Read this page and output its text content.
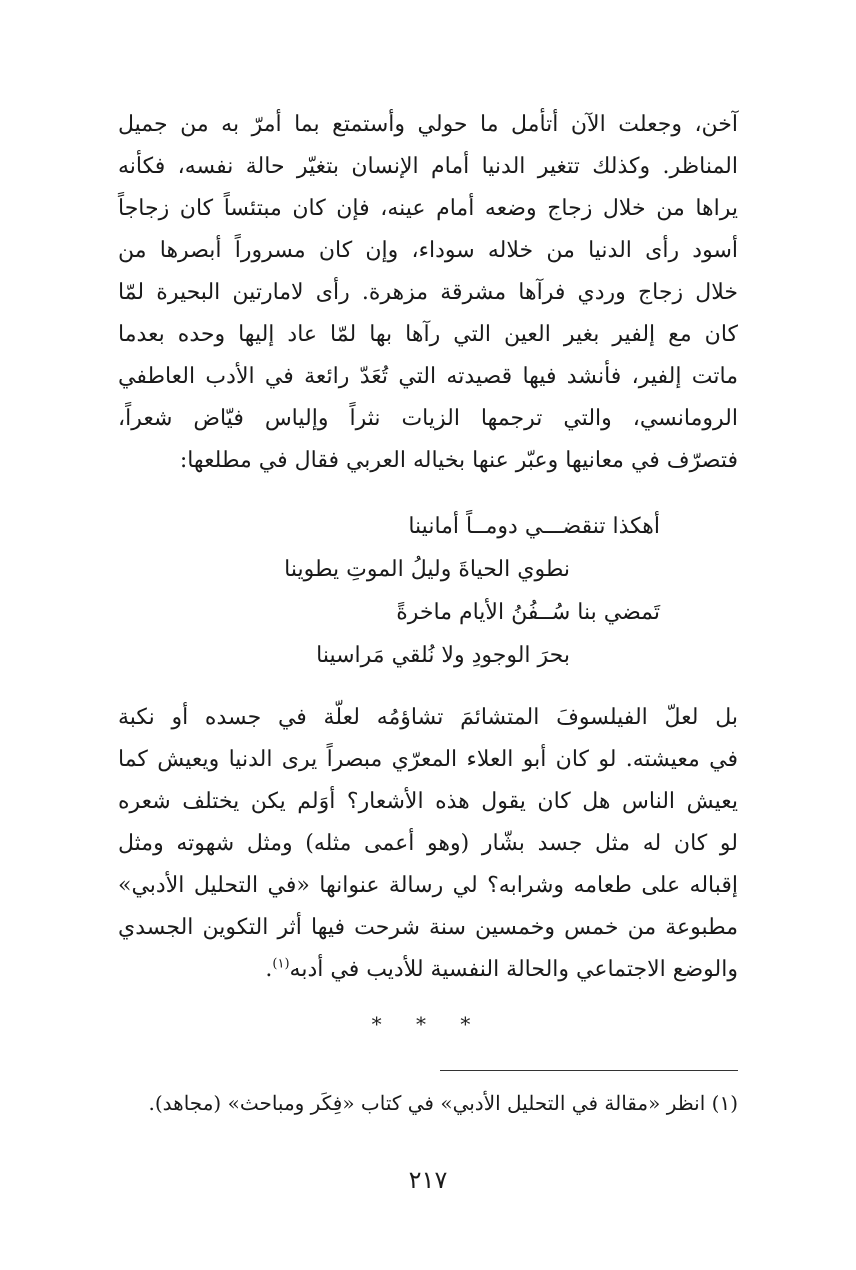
آخن، وجعلت الآن أتأمل ما حولي وأستمتع بما أمرّ به من جميل
المناظر. وكذلك تتغير الدنيا أمام الإنسان بتغيّر حالة نفسه، فكأنه
يراها من خلال زجاج وضعه أمام عينه، فإن كان مبتئساً كان زجاجاً
أسود رأى الدنيا من خلاله سوداء، وإن كان مسروراً أبصرها من
خلال زجاج وردي فرآها مشرقة مزهرة. رأى لامارتين البحيرة لمّا
كان مع إلفير بغير العين التي رآها بها لمّا عاد إليها وحده بعدما
ماتت إلفير، فأنشد فيها قصيدته التي تُعَدّ رائعة في الأدب العاطفي
الرومانسي، والتي ترجمها الزيات نثراً وإلياس فيّاض شعراً،
فتصرّف في معانيها وعبّر عنها بخياله العربي فقال في مطلعها:
أهكذا تنقضـــي دومــاً أمانينا
نطوي الحياةَ وليلُ الموتِ يطوينا
تَمضي بنا سُــفُنُ الأيام ماخرةً
بحرَ الوجودِ ولا نُلقي مَراسينا
بل لعلّ الفيلسوفَ المتشائمَ تشاؤمُه لعلّة في جسده أو نكبة
في معيشته. لو كان أبو العلاء المعرّي مبصراً يرى الدنيا ويعيش كما
يعيش الناس هل كان يقول هذه الأشعار؟ أوَلم يكن يختلف شعره
لو كان له مثل جسد بشّار (وهو أعمى مثله) ومثل شهوته ومثل
إقباله على طعامه وشرابه؟ لي رسالة عنوانها «في التحليل الأدبي»
مطبوعة من خمس وخمسين سنة شرحت فيها أثر التكوين الجسدي
والوضع الاجتماعي والحالة النفسية للأديب في أدبه$^{(١)}$.
* * *
(١) انظر «مقالة في التحليل الأدبي» في كتاب «فِكَر ومباحث» (مجاهد).
٢١٧
